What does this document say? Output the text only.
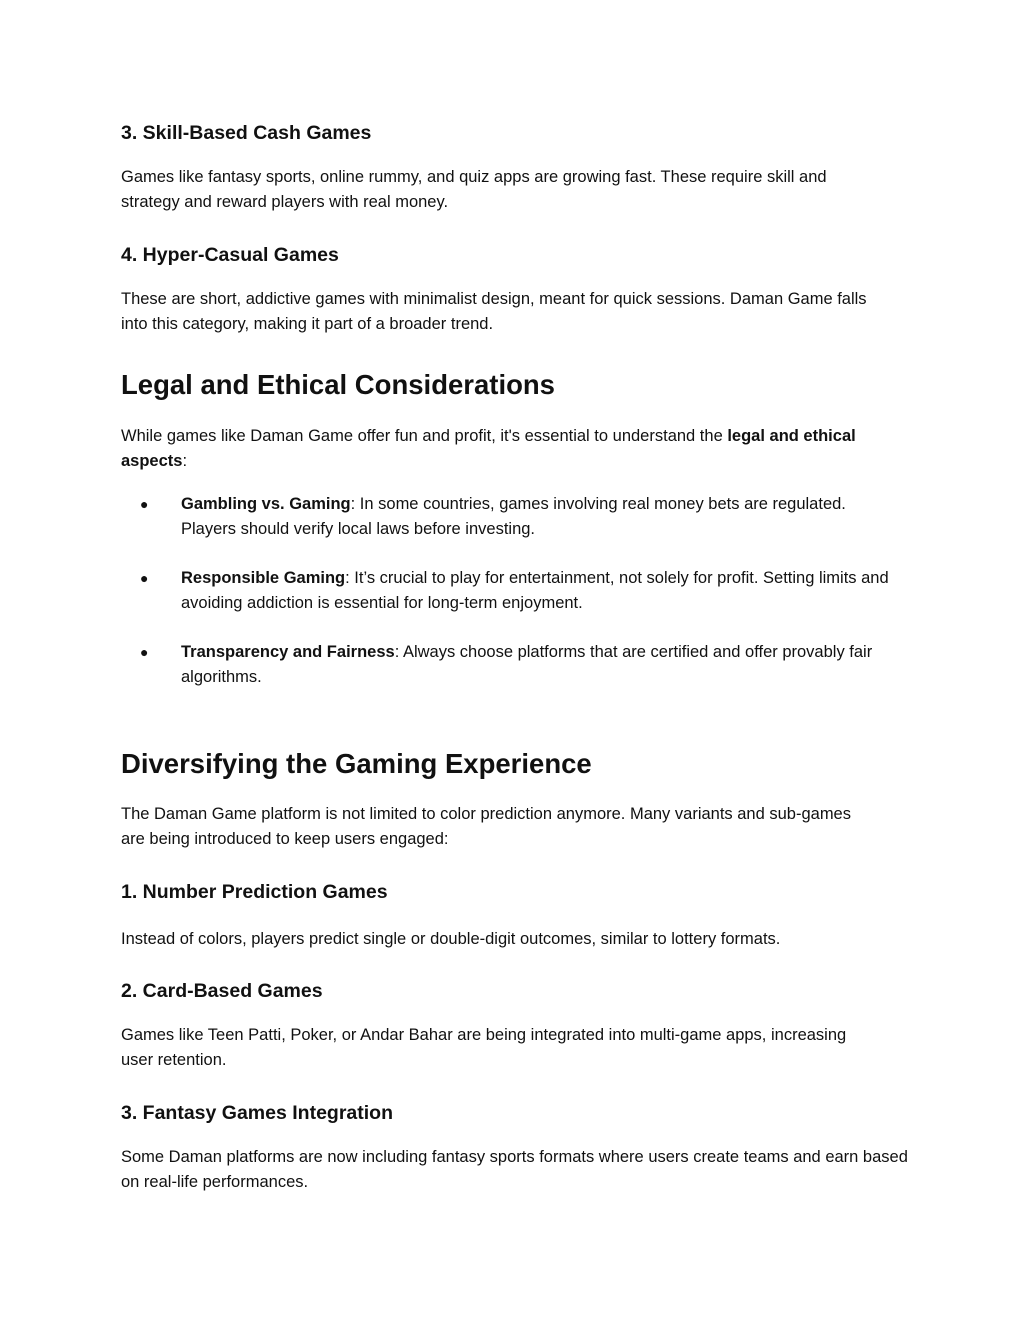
3. Skill-Based Cash Games

Games like fantasy sports, online rummy, and quiz apps are growing fast. These require skill and strategy and reward players with real money.

4. Hyper-Casual Games

These are short, addictive games with minimalist design, meant for quick sessions. Daman Game falls into this category, making it part of a broader trend.

Legal and Ethical Considerations

While games like Daman Game offer fun and profit, it's essential to understand the legal and ethical aspects:

● Gambling vs. Gaming: In some countries, games involving real money bets are regulated. Players should verify local laws before investing.
● Responsible Gaming: It’s crucial to play for entertainment, not solely for profit. Setting limits and avoiding addiction is essential for long-term enjoyment.
● Transparency and Fairness: Always choose platforms that are certified and offer provably fair algorithms.
Diversifying the Gaming Experience

The Daman Game platform is not limited to color prediction anymore. Many variants and sub-games are being introduced to keep users engaged:

1. Number Prediction Games

Instead of colors, players predict single or double-digit outcomes, similar to lottery formats.

2. Card-Based Games

Games like Teen Patti, Poker, or Andar Bahar are being integrated into multi-game apps, increasing user retention.

3. Fantasy Games Integration

Some Daman platforms are now including fantasy sports formats where users create teams and earn based on real-life performances.
